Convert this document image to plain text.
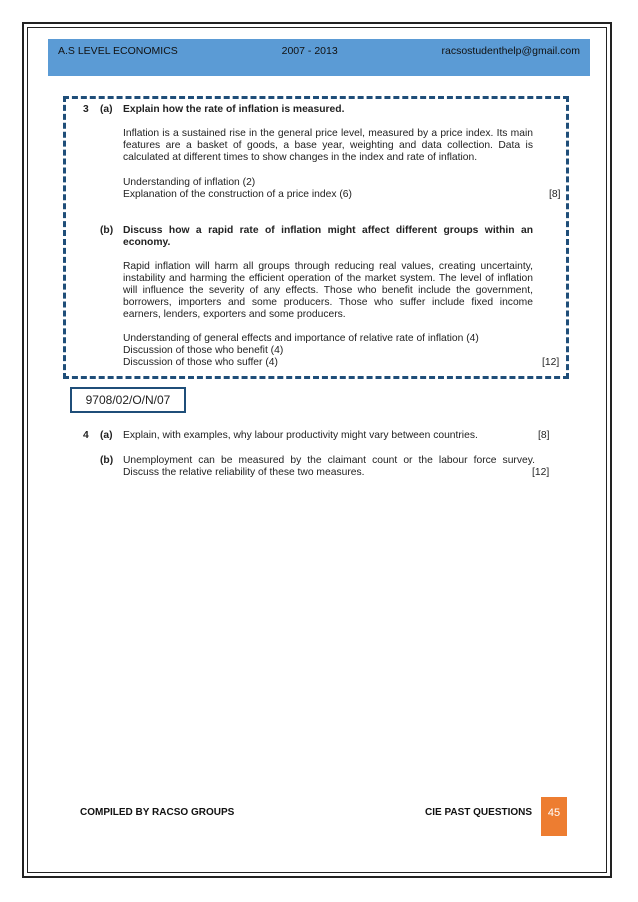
A.S LEVEL ECONOMICS	2007 - 2013	racsostudenthelp@gmail.com
3 (a) Explain how the rate of inflation is measured.
Inflation is a sustained rise in the general price level, measured by a price index. Its main features are a basket of goods, a base year, weighting and data collection. Data is calculated at different times to show changes in the index and rate of inflation.
Understanding of inflation (2)
Explanation of the construction of a price index (6)	[8]
(b) Discuss how a rapid rate of inflation might affect different groups within an economy.
Rapid inflation will harm all groups through reducing real values, creating uncertainty, instability and harming the efficient operation of the market system. The level of inflation will influence the severity of any effects. Those who benefit include the government, borrowers, importers and some producers. Those who suffer include fixed income earners, lenders, exporters and some producers.
Understanding of general effects and importance of relative rate of inflation (4)
Discussion of those who benefit (4)
Discussion of those who suffer (4)	[12]
9708/02/O/N/07
4 (a) Explain, with examples, why labour productivity might vary between countries.	[8]
(b) Unemployment can be measured by the claimant count or the labour force survey. Discuss the relative reliability of these two measures.	[12]
COMPILED BY RACSO GROUPS	CIE PAST QUESTIONS 45
